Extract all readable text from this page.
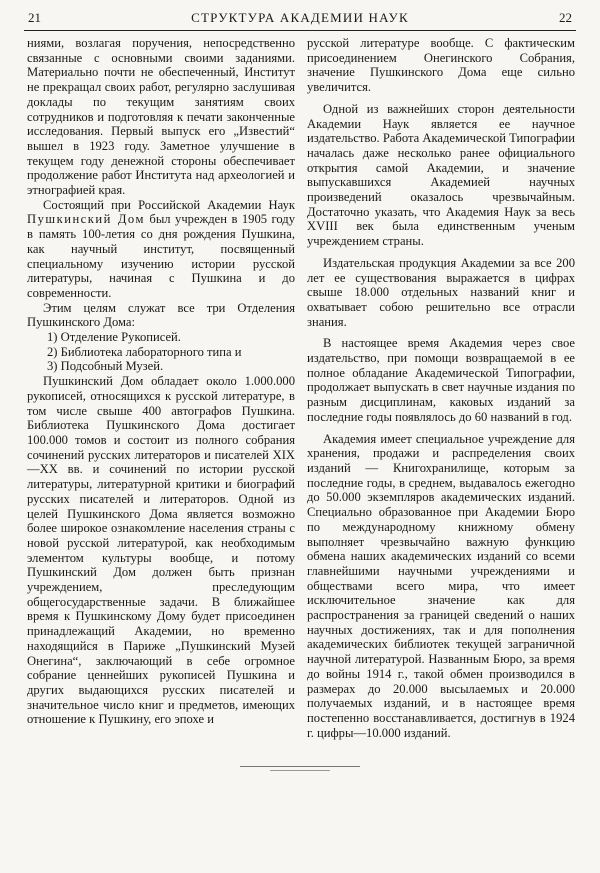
21	СТРУКТУРА АКАДЕМИИ НАУК	22

ниями, возлагая поручения, непосредственно связанные с основными своими заданиями. Материально почти не обеспеченный, Институт не прекращал своих работ, регулярно заслушивая доклады по текущим занятиям своих сотрудников и подготовляя к печати законченные исследования. Первый выпуск его „Известий“ вышел в 1923 году. Заметное улучшение в текущем году денежной стороны обеспечивает продолжение работ Института над археологией и этнографией края.

Состоящий при Российской Академии Наук Пушкинский Дом был учрежден в 1905 году в память 100-летия со дня рождения Пушкина, как научный институт, посвященный специальному изучению истории русской литературы, начиная с Пушкина и до современности.

Этим целям служат все три Отделения Пушкинского Дома:

1) Отделение Рукописей.

2) Библиотека лабораторного типа и

3) Подсобный Музей.

Пушкинский Дом обладает около 1.000.000 рукописей, относящихся к русской литературе, в том числе свыше 400 автографов Пушкина. Библиотека Пушкинского Дома достигает 100.000 томов и состоит из полного собрания сочинений русских литераторов и писателей XIX—XX вв. и сочинений по истории русской литературы, литературной критики и биографий русских писателей и литераторов. Одной из целей Пушкинского Дома является возможно более широкое ознакомление населения страны с новой русской литературой, как необходимым элементом культуры вообще, и потому Пушкинский Дом должен быть признан учреждением, преследующим общегосударственные задачи. В ближайшее время к Пушкинскому Дому будет присоединен принадлежащий Академии, но временно находящийся в Париже „Пушкинский Музей Онегина“, заключающий в себе огромное собрание ценнейших рукописей Пушкина и других выдающихся русских писателей и значительное число книг и предметов, имеющих отношение к Пушкину, его эпохе и

русской литературе вообще. С фактическим присоединением Онегинского Собрания, значение Пушкинского Дома еще сильно увеличится.

Одной из важнейших сторон деятельности Академии Наук является ее научное издательство. Работа Академической Типографии началась даже несколько ранее официального открытия самой Академии, и значение выпускавшихся Академией научных произведений оказалось чрезвычайным. Достаточно указать, что Академия Наук за весь XVIII век была единственным ученым учреждением страны.

Издательская продукция Академии за все 200 лет ее существования выражается в цифрах свыше 18.000 отдельных названий книг и охватывает собою решительно все отрасли знания.

В настоящее время Академия через свое издательство, при помощи возвращаемой в ее полное обладание Академической Типографии, продолжает выпускать в свет научные издания по разным дисциплинам, каковых изданий за последние годы появлялось до 60 названий в год.

Академия имеет специальное учреждение для хранения, продажи и распределения своих изданий — Книгохранилище, которым за последние годы, в среднем, выдавалось ежегодно до 50.000 экземпляров академических изданий. Специально образованное при Академии Бюро по международному книжному обмену выполняет чрезвычайно важную функцию обмена наших академических изданий со всеми главнейшими научными учреждениями и обществами всего мира, что имеет исключительное значение как для распространения за границей сведений о наших научных достижениях, так и для пополнения академических библиотек текущей заграничной научной литературой. Названным Бюро, за время до войны 1914 г., такой обмен производился в размерах до 20.000 высылаемых и 20.000 получаемых изданий, и в настоящее время постепенно восстанавливается, достигнув в 1924 г. цифры—10.000 изданий.
